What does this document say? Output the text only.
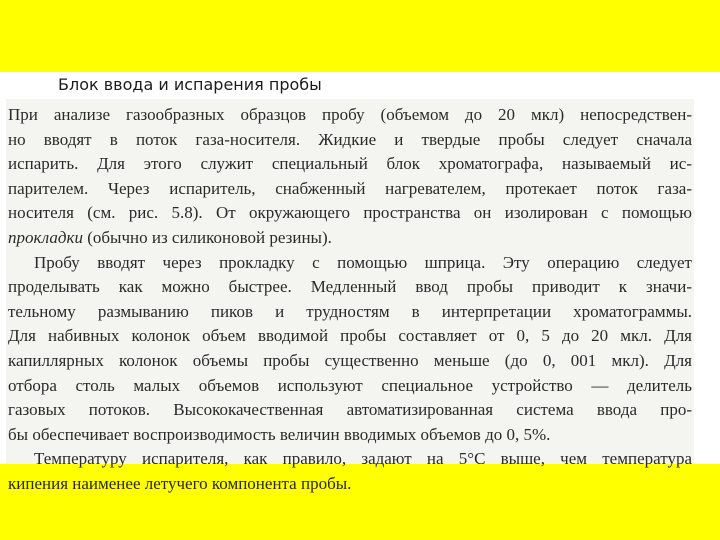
Блок ввода и испарения пробы
При анализе газообразных образцов пробу (объемом до 20 мкл) непосредствен-
но вводят в поток газа-носителя. Жидкие и твердые пробы следует сначала
испарить. Для этого служит специальный блок хроматографа, называемый ис-
парителем. Через испаритель, снабженный нагревателем, протекает поток газа-
носителя (см. рис. 5.8). От окружающего пространства он изолирован с помощью
прокладки (обычно из силиконовой резины).
Пробу вводят через прокладку с помощью шприца. Эту операцию следует
проделывать как можно быстрее. Медленный ввод пробы приводит к значи-
тельному размыванию пиков и трудностям в интерпретации хроматограммы.
Для набивных колонок объем вводимой пробы составляет от 0, 5 до 20 мкл. Для
капиллярных колонок объемы пробы существенно меньше (до 0, 001 мкл). Для
отбора столь малых объемов используют специальное устройство — делитель
газовых потоков. Высококачественная автоматизированная система ввода про-
бы обеспечивает воспроизводимость величин вводимых объемов до 0, 5%.
Температуру испарителя, как правило, задают на 5°C выше, чем температура
кипения наименее летучего компонента пробы.
